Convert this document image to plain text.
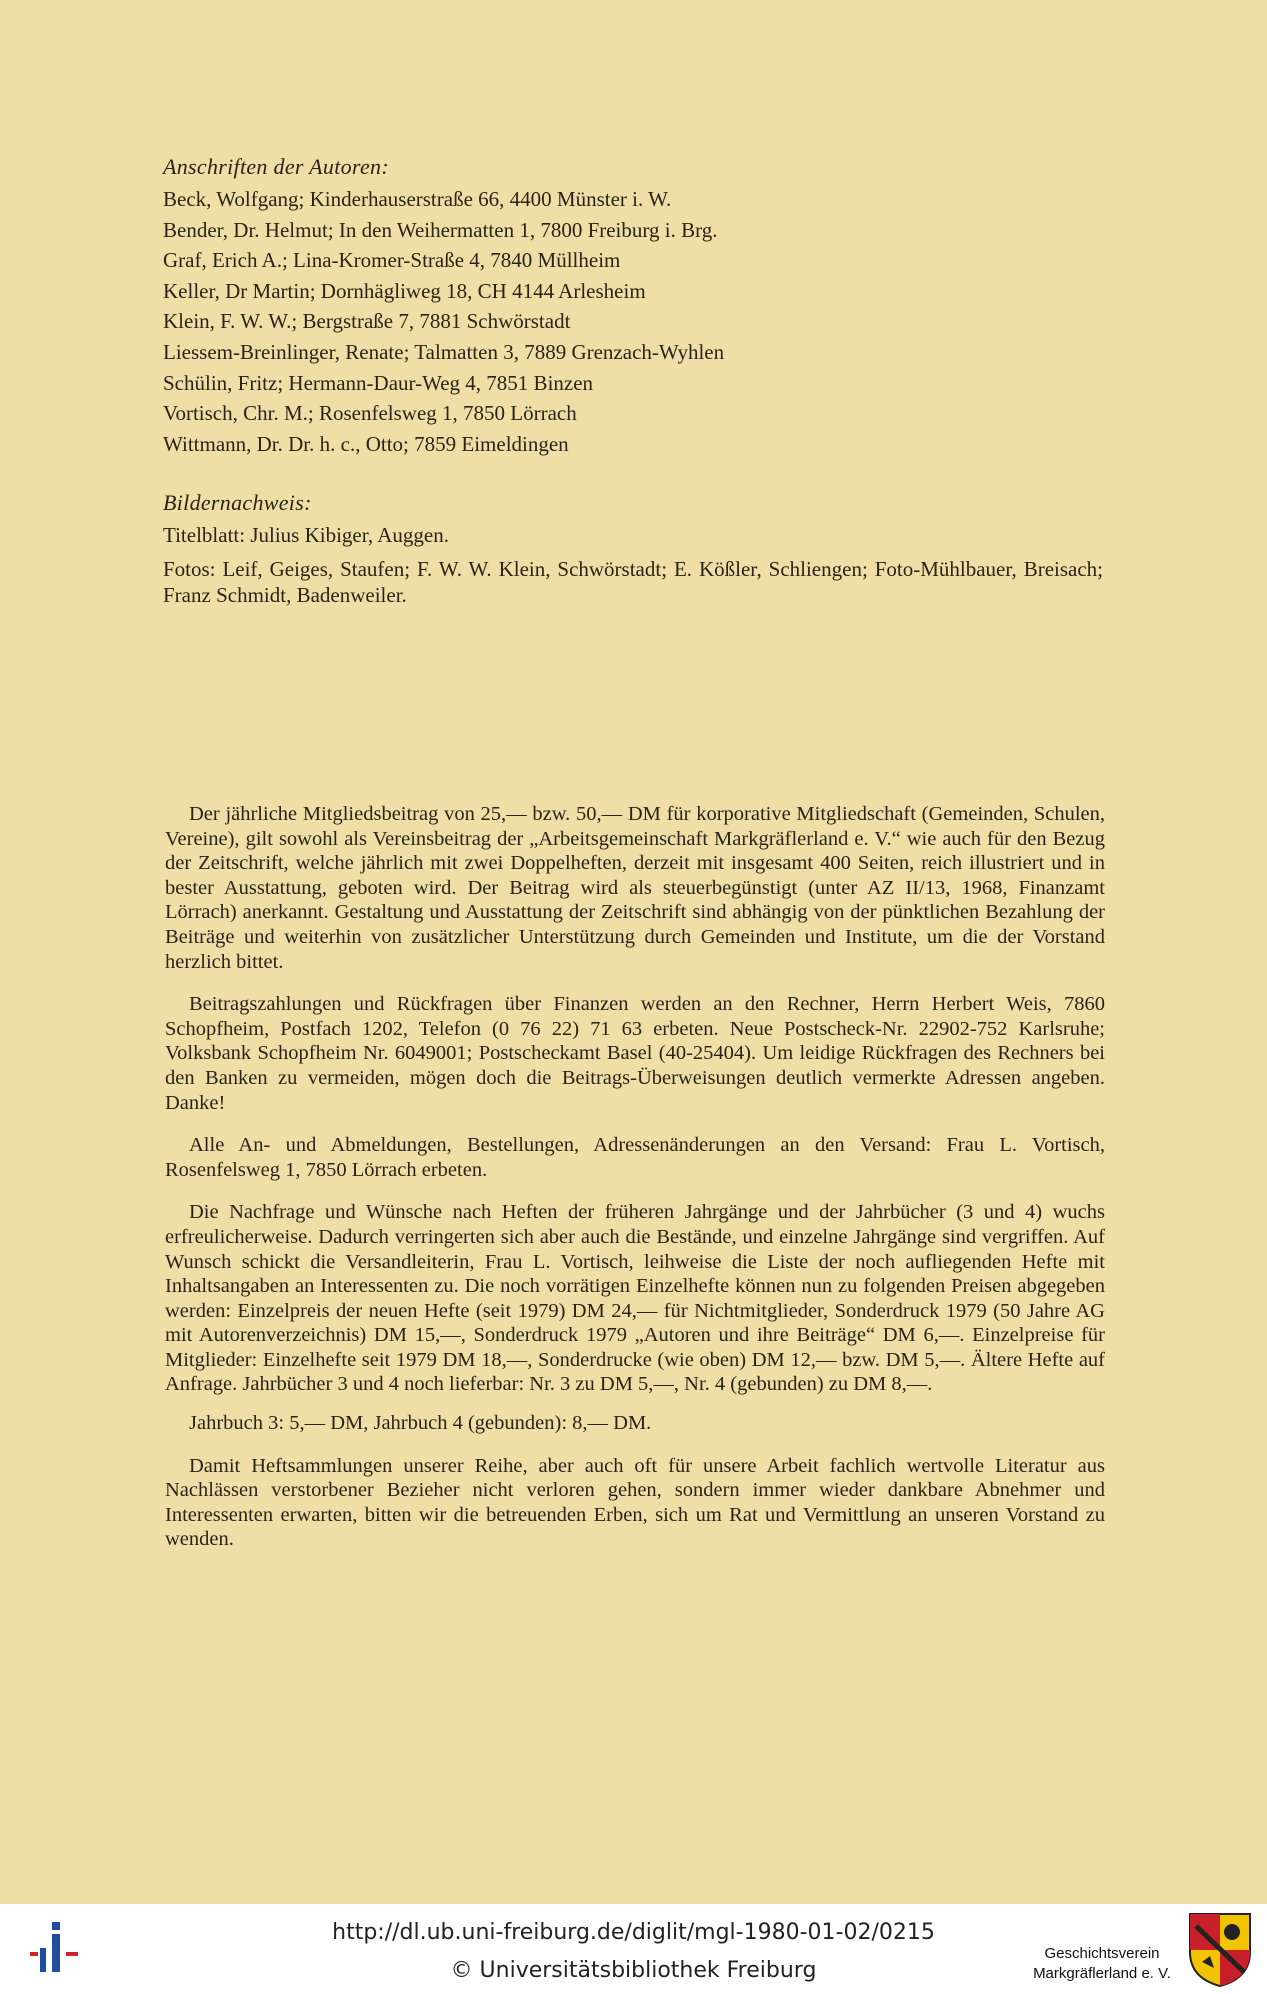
Anschriften der Autoren:
Beck, Wolfgang; Kinderhauserstraße 66, 4400 Münster i. W.
Bender, Dr. Helmut; In den Weihermatten 1, 7800 Freiburg i. Brg.
Graf, Erich A.; Lina-Kromer-Straße 4, 7840 Müllheim
Keller, Dr Martin; Dornhägliweg 18, CH 4144 Arlesheim
Klein, F. W. W.; Bergstraße 7, 7881 Schwörstadt
Liessem-Breinlinger, Renate; Talmatten 3, 7889 Grenzach-Wyhlen
Schülin, Fritz; Hermann-Daur-Weg 4, 7851 Binzen
Vortisch, Chr. M.; Rosenfelsweg 1, 7850 Lörrach
Wittmann, Dr. Dr. h. c., Otto; 7859 Eimeldingen
Bildernachweis:

Titelblatt: Julius Kibiger, Auggen.

Fotos: Leif, Geiges, Staufen; F. W. W. Klein, Schwörstadt; E. Kößler, Schliengen; Foto-Mühlbauer, Breisach; Franz Schmidt, Badenweiler.

Der jährliche Mitgliedsbeitrag von 25,— bzw. 50,— DM für korporative Mitgliedschaft (Gemeinden, Schulen, Vereine), gilt sowohl als Vereinsbeitrag der „Arbeitsgemeinschaft Markgräflerland e. V.“ wie auch für den Bezug der Zeitschrift, welche jährlich mit zwei Doppelheften, derzeit mit insgesamt 400 Seiten, reich illustriert und in bester Ausstattung, geboten wird. Der Beitrag wird als steuerbegünstigt (unter AZ II/13, 1968, Finanzamt Lörrach) anerkannt. Gestaltung und Ausstattung der Zeitschrift sind abhängig von der pünktlichen Bezahlung der Beiträge und weiterhin von zusätzlicher Unterstützung durch Gemeinden und Institute, um die der Vorstand herzlich bittet.

Beitragszahlungen und Rückfragen über Finanzen werden an den Rechner, Herrn Herbert Weis, 7860 Schopfheim, Postfach 1202, Telefon (0 76 22) 71 63 erbeten. Neue Postscheck-Nr. 22902-752 Karlsruhe; Volksbank Schopfheim Nr. 6049001; Postscheckamt Basel (40-25404). Um leidige Rückfragen des Rechners bei den Banken zu vermeiden, mögen doch die Beitrags-Überweisungen deutlich vermerkte Adressen angeben. Danke!

Alle An- und Abmeldungen, Bestellungen, Adressenänderungen an den Versand: Frau L. Vortisch, Rosenfelsweg 1, 7850 Lörrach erbeten.

Die Nachfrage und Wünsche nach Heften der früheren Jahrgänge und der Jahrbücher (3 und 4) wuchs erfreulicherweise. Dadurch verringerten sich aber auch die Bestände, und einzelne Jahrgänge sind vergriffen. Auf Wunsch schickt die Versandleiterin, Frau L. Vortisch, leihweise die Liste der noch aufliegenden Hefte mit Inhaltsangaben an Interessenten zu. Die noch vorrätigen Einzelhefte können nun zu folgenden Preisen abgegeben werden: Einzelpreis der neuen Hefte (seit 1979) DM 24,— für Nichtmitglieder, Sonderdruck 1979 (50 Jahre AG mit Autorenverzeichnis) DM 15,—, Sonderdruck 1979 „Autoren und ihre Beiträge“ DM 6,—. Einzelpreise für Mitglieder: Einzelhefte seit 1979 DM 18,—, Sonderdrucke (wie oben) DM 12,— bzw. DM 5,—. Ältere Hefte auf Anfrage. Jahrbücher 3 und 4 noch lieferbar: Nr. 3 zu DM 5,—, Nr. 4 (gebunden) zu DM 8,—.

Jahrbuch 3: 5,— DM, Jahrbuch 4 (gebunden): 8,— DM.

Damit Heftsammlungen unserer Reihe, aber auch oft für unsere Arbeit fachlich wertvolle Literatur aus Nachlässen verstorbener Bezieher nicht verloren gehen, sondern immer wieder dankbare Abnehmer und Interessenten erwarten, bitten wir die betreuenden Erben, sich um Rat und Vermittlung an unseren Vorstand zu wenden.

http://dl.ub.uni-freiburg.de/diglit/mgl-1980-01-02/0215
© Universitätsbibliothek Freiburg
Geschichtsverein
Markgräflerland e. V.
